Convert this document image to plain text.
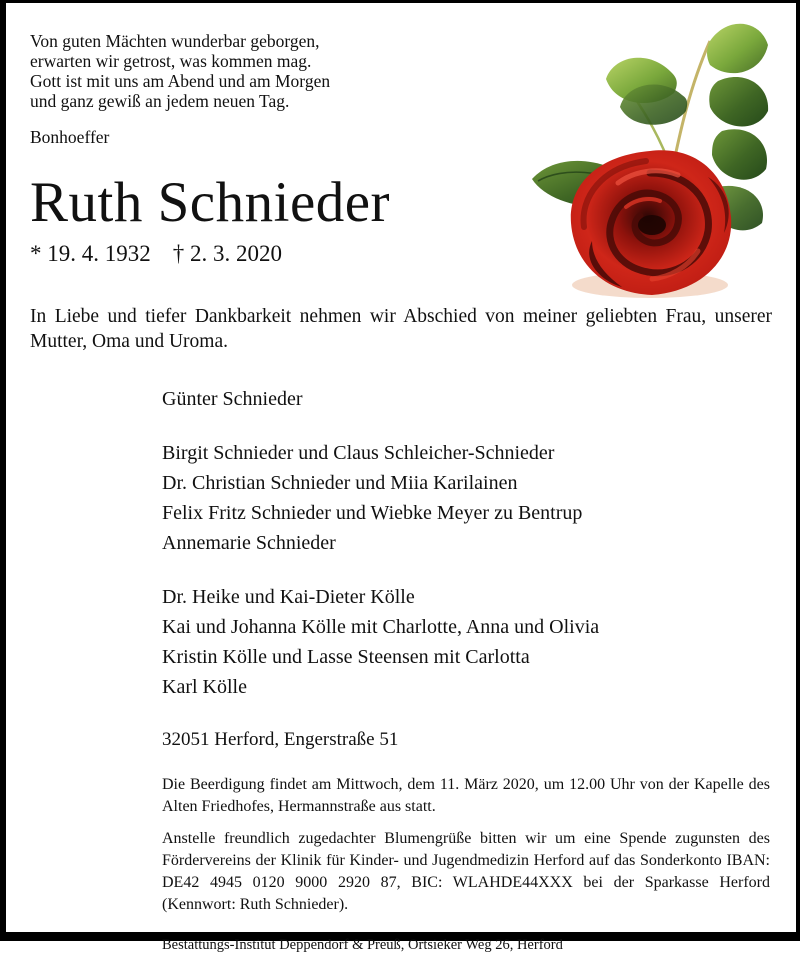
Von guten Mächten wunderbar geborgen,
erwarten wir getrost, was kommen mag.
Gott ist mit uns am Abend und am Morgen
und ganz gewiß an jedem neuen Tag.
Bonhoeffer
Ruth Schnieder
* 19. 4. 1932 † 2. 3. 2020
In Liebe und tiefer Dankbarkeit nehmen wir Abschied von meiner geliebten Frau, unserer Mutter, Oma und Uroma.
Günter Schnieder
Birgit Schnieder und Claus Schleicher-Schnieder
Dr. Christian Schnieder und Miia Karilainen
Felix Fritz Schnieder und Wiebke Meyer zu Bentrup
Annemarie Schnieder
Dr. Heike und Kai-Dieter Kölle
Kai und Johanna Kölle mit Charlotte, Anna und Olivia
Kristin Kölle und Lasse Steensen mit Carlotta
Karl Kölle
32051 Herford, Engerstraße 51
Die Beerdigung findet am Mittwoch, dem 11. März 2020, um 12.00 Uhr von der Kapelle des Alten Friedhofes, Hermannstraße aus statt.
Anstelle freundlich zugedachter Blumengrüße bitten wir um eine Spende zugunsten des Fördervereins der Klinik für Kinder- und Jugendmedizin Herford auf das Sonderkonto IBAN: DE42 4945 0120 9000 2920 87, BIC: WLAHDE44XXX bei der Sparkasse Herford (Kennwort: Ruth Schnieder).
Bestattungs-Institut Deppendorf & Preuß, Ortsieker Weg 26, Herford
